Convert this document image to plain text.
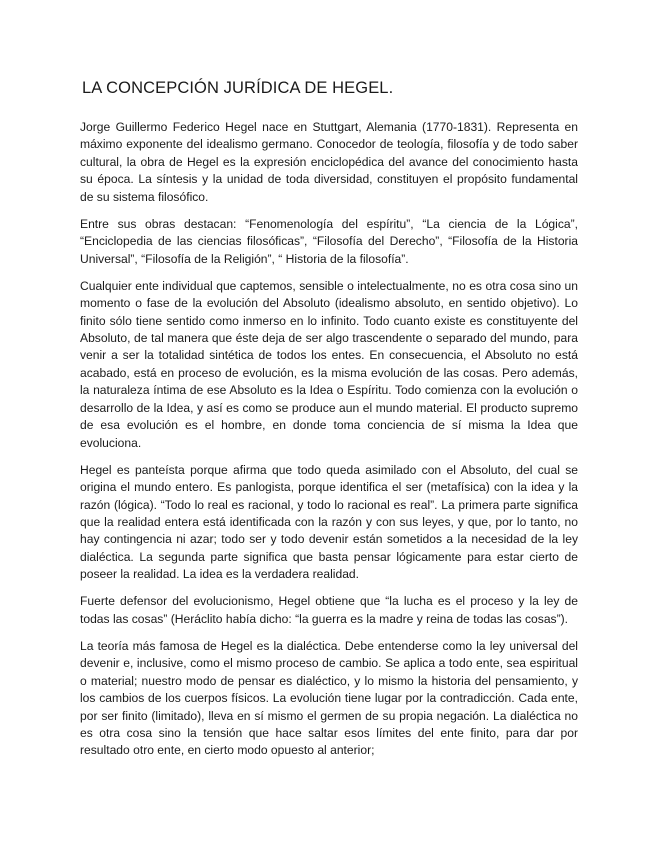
LA CONCEPCIÓN JURÍDICA DE HEGEL.

Jorge Guillermo Federico Hegel nace en Stuttgart, Alemania (1770-1831). Representa en máximo exponente del idealismo germano. Conocedor de teología, filosofía y de todo saber cultural, la obra de Hegel es la expresión enciclopédica del avance del conocimiento hasta su época. La síntesis y la unidad de toda diversidad, constituyen el propósito fundamental de su sistema filosófico.

Entre sus obras destacan: “Fenomenología del espíritu”, “La ciencia de la Lógica”, “Enciclopedia de las ciencias filosóficas”, “Filosofía del Derecho”, “Filosofía de la Historia Universal”, “Filosofía de la Religión”, “ Historia de la filosofía”.

Cualquier ente individual que captemos, sensible o intelectualmente, no es otra cosa sino un momento o fase de la evolución del Absoluto (idealismo absoluto, en sentido objetivo). Lo finito sólo tiene sentido como inmerso en lo infinito. Todo cuanto existe es constituyente del Absoluto, de tal manera que éste deja de ser algo trascendente o separado del mundo, para venir a ser la totalidad sintética de todos los entes. En consecuencia, el Absoluto no está acabado, está en proceso de evolución, es la misma evolución de las cosas. Pero además, la naturaleza íntima de ese Absoluto es la Idea o Espíritu. Todo comienza con la evolución o desarrollo de la Idea, y así es como se produce aun el mundo material. El producto supremo de esa evolución es el hombre, en donde toma conciencia de sí misma la Idea que evoluciona.

Hegel es panteísta porque afirma que todo queda asimilado con el Absoluto, del cual se origina el mundo entero. Es panlogista, porque identifica el ser (metafísica) con la idea y la razón (lógica). “Todo lo real es racional, y todo lo racional es real”. La primera parte significa que la realidad entera está identificada con la razón y con sus leyes, y que, por lo tanto, no hay contingencia ni azar; todo ser y todo devenir están sometidos a la necesidad de la ley dialéctica. La segunda parte significa que basta pensar lógicamente para estar cierto de poseer la realidad. La idea es la verdadera realidad.

Fuerte defensor del evolucionismo, Hegel obtiene que “la lucha es el proceso y la ley de todas las cosas” (Heráclito había dicho: “la guerra es la madre y reina de todas las cosas”).

La teoría más famosa de Hegel es la dialéctica. Debe entenderse como la ley universal del devenir e, inclusive, como el mismo proceso de cambio. Se aplica a todo ente, sea espiritual o material; nuestro modo de pensar es dialéctico, y lo mismo la historia del pensamiento, y los cambios de los cuerpos físicos. La evolución tiene lugar por la contradicción. Cada ente, por ser finito (limitado), lleva en sí mismo el germen de su propia negación. La dialéctica no es otra cosa sino la tensión que hace saltar esos límites del ente finito, para dar por resultado otro ente, en cierto modo opuesto al anterior;
